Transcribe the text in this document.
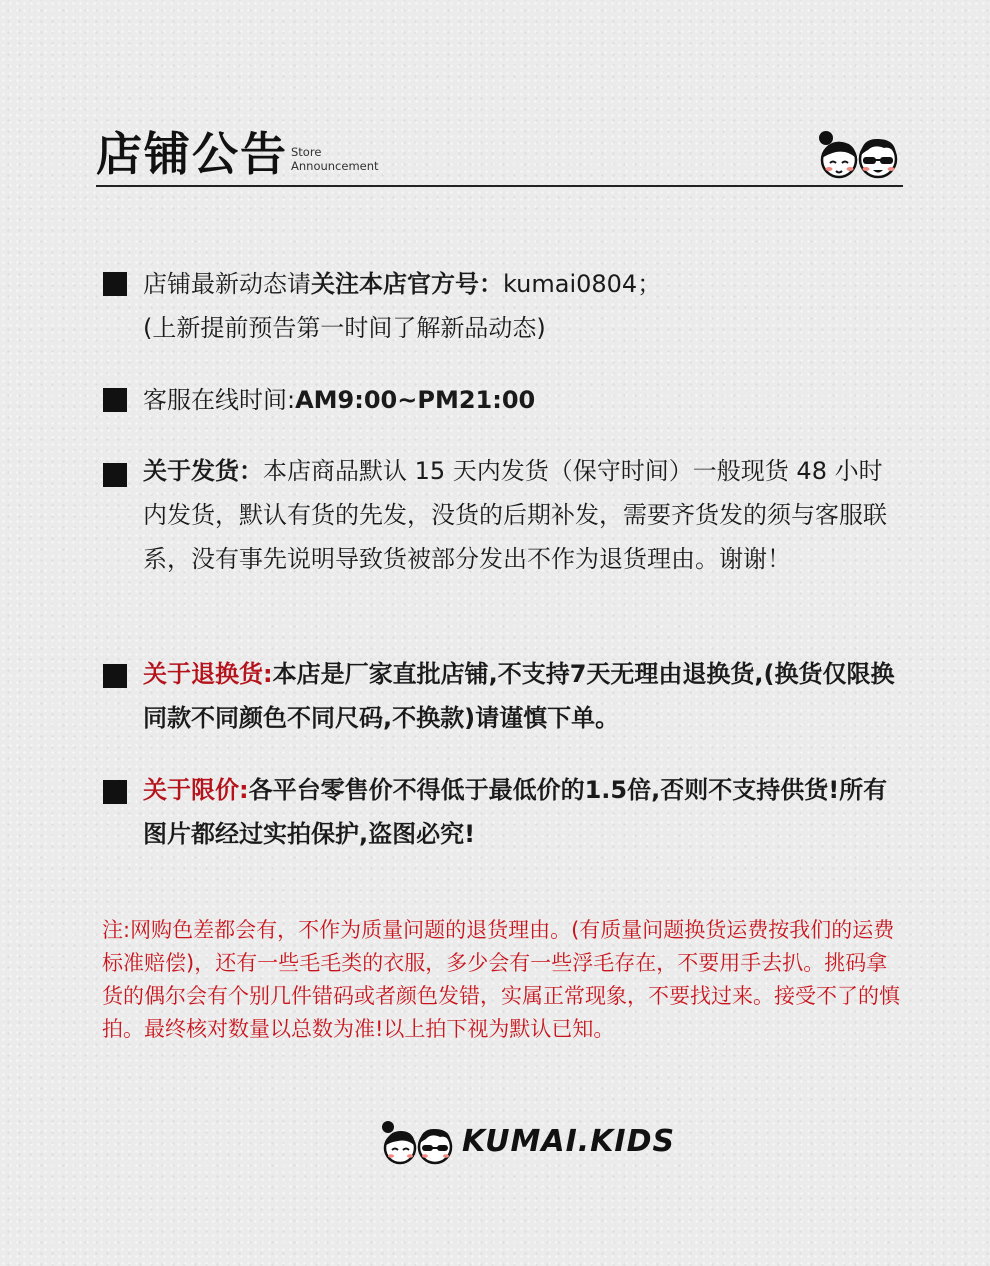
店铺公告 Store
Announcement
店铺最新动态请关注本店官方号：kumai0804；
(上新提前预告第一时间了解新品动态)
客服在线时间:AM9:00~PM21:00
关于发货：本店商品默认 15 天内发货（保守时间）一般现货 48 小时内发货，默认有货的先发，没货的后期补发，需要齐货发的须与客服联系，没有事先说明导致货被部分发出不作为退货理由。谢谢！
关于退换货:本店是厂家直批店铺,不支持7天无理由退换货,(换货仅限换同款不同颜色不同尺码,不换款)请谨慎下单。
关于限价:各平台零售价不得低于最低价的1.5倍,否则不支持供货!所有图片都经过实拍保护,盗图必究!
注:网购色差都会有，不作为质量问题的退货理由。(有质量问题换货运费按我们的运费标准赔偿)，还有一些毛毛类的衣服，多少会有一些浮毛存在，不要用手去扒。挑码拿货的偶尔会有个别几件错码或者颜色发错，实属正常现象，不要找过来。接受不了的慎拍。最终核对数量以总数为准!以上拍下视为默认已知。
KUMAI.KIDS
